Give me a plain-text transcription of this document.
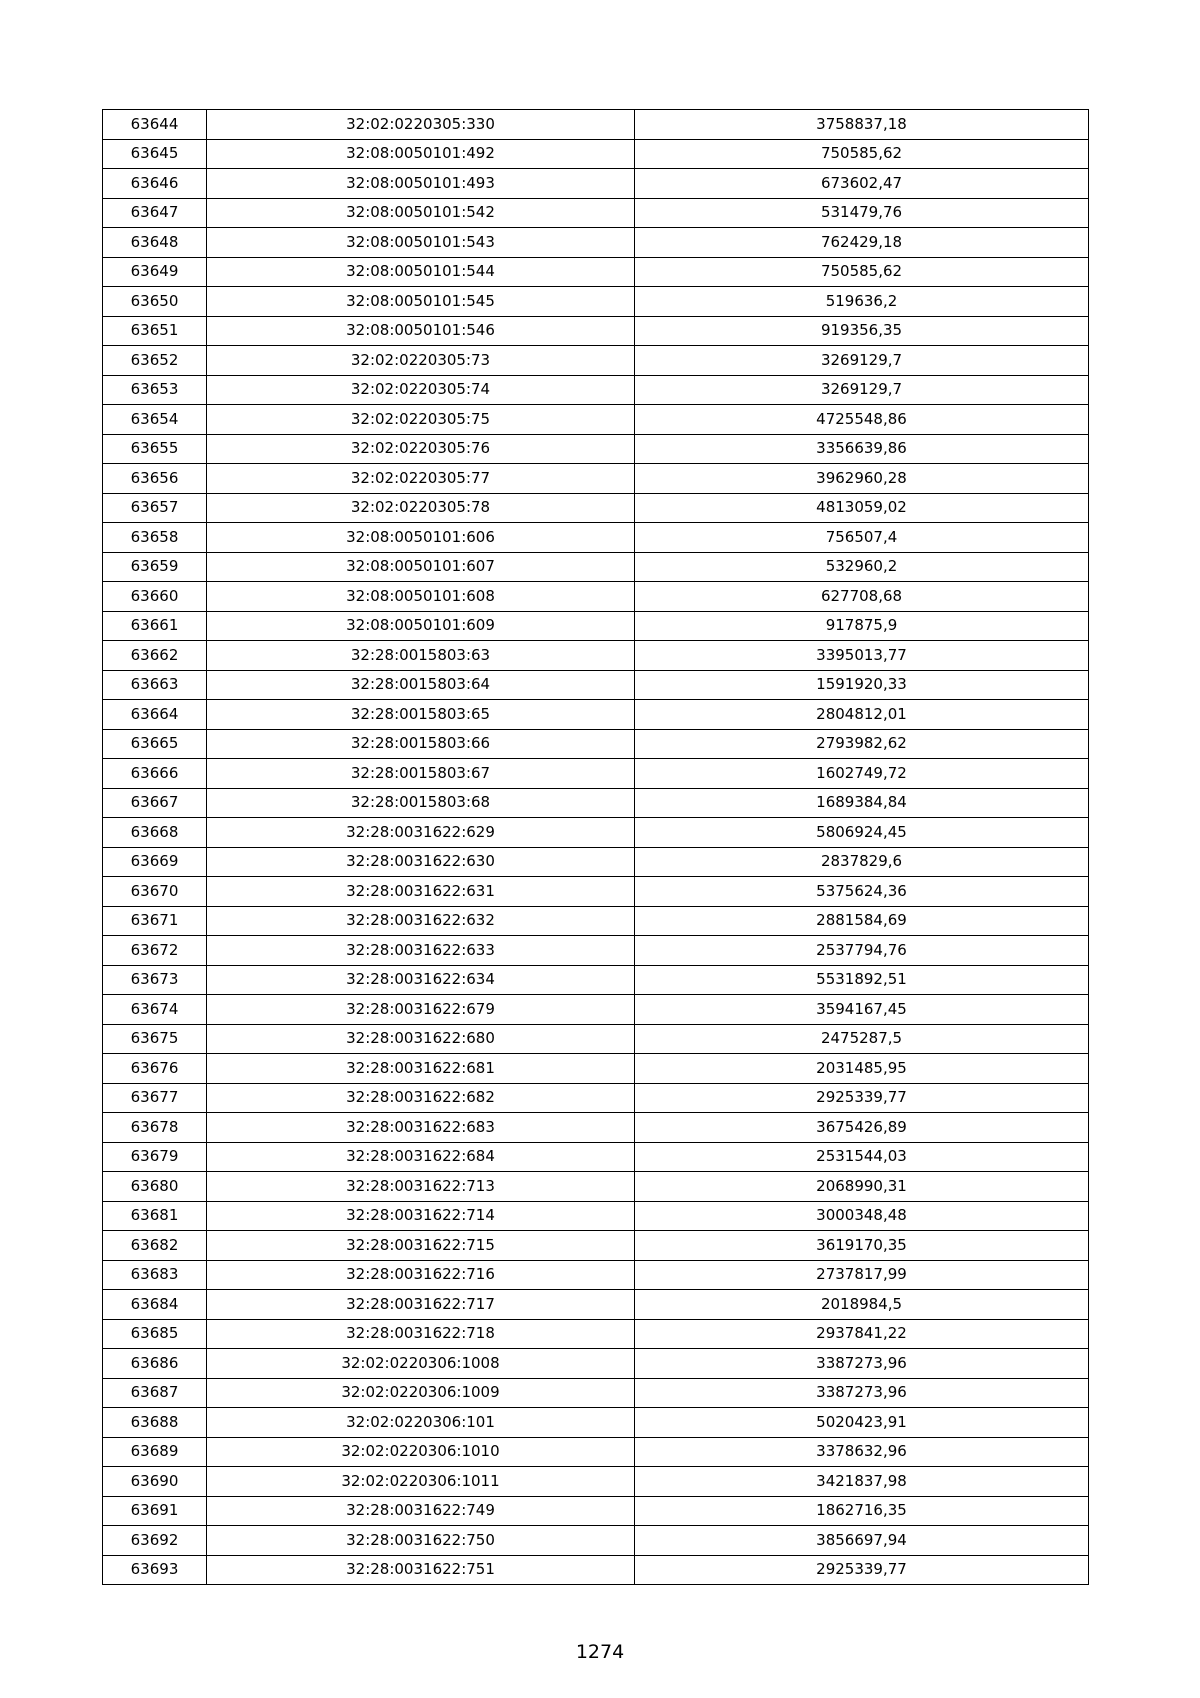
63644	32:02:0220305:330	3758837,18
63645	32:08:0050101:492	750585,62
63646	32:08:0050101:493	673602,47
63647	32:08:0050101:542	531479,76
63648	32:08:0050101:543	762429,18
63649	32:08:0050101:544	750585,62
63650	32:08:0050101:545	519636,2
63651	32:08:0050101:546	919356,35
63652	32:02:0220305:73	3269129,7
63653	32:02:0220305:74	3269129,7
63654	32:02:0220305:75	4725548,86
63655	32:02:0220305:76	3356639,86
63656	32:02:0220305:77	3962960,28
63657	32:02:0220305:78	4813059,02
63658	32:08:0050101:606	756507,4
63659	32:08:0050101:607	532960,2
63660	32:08:0050101:608	627708,68
63661	32:08:0050101:609	917875,9
63662	32:28:0015803:63	3395013,77
63663	32:28:0015803:64	1591920,33
63664	32:28:0015803:65	2804812,01
63665	32:28:0015803:66	2793982,62
63666	32:28:0015803:67	1602749,72
63667	32:28:0015803:68	1689384,84
63668	32:28:0031622:629	5806924,45
63669	32:28:0031622:630	2837829,6
63670	32:28:0031622:631	5375624,36
63671	32:28:0031622:632	2881584,69
63672	32:28:0031622:633	2537794,76
63673	32:28:0031622:634	5531892,51
63674	32:28:0031622:679	3594167,45
63675	32:28:0031622:680	2475287,5
63676	32:28:0031622:681	2031485,95
63677	32:28:0031622:682	2925339,77
63678	32:28:0031622:683	3675426,89
63679	32:28:0031622:684	2531544,03
63680	32:28:0031622:713	2068990,31
63681	32:28:0031622:714	3000348,48
63682	32:28:0031622:715	3619170,35
63683	32:28:0031622:716	2737817,99
63684	32:28:0031622:717	2018984,5
63685	32:28:0031622:718	2937841,22
63686	32:02:0220306:1008	3387273,96
63687	32:02:0220306:1009	3387273,96
63688	32:02:0220306:101	5020423,91
63689	32:02:0220306:1010	3378632,96
63690	32:02:0220306:1011	3421837,98
63691	32:28:0031622:749	1862716,35
63692	32:28:0031622:750	3856697,94
63693	32:28:0031622:751	2925339,77
1274
